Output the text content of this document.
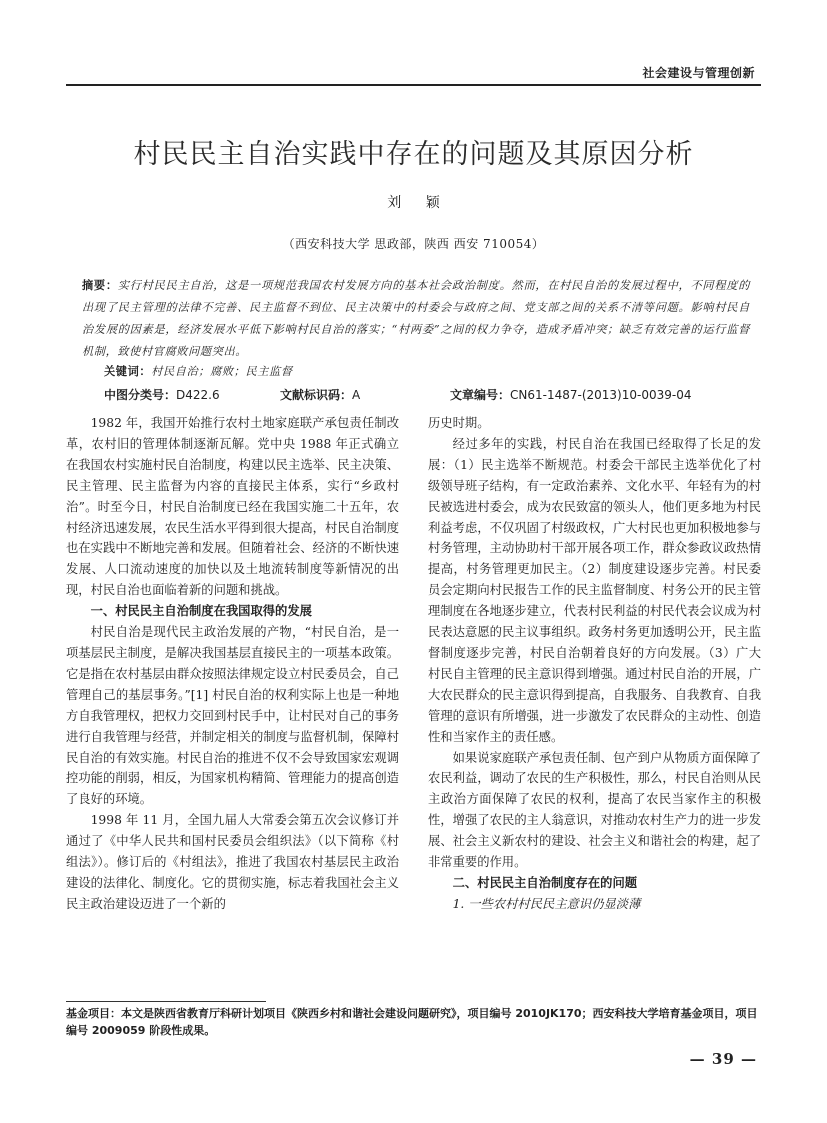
社会建设与管理创新
村民民主自治实践中存在的问题及其原因分析
刘 颖
（西安科技大学 思政部，陕西 西安 710054）
摘要：实行村民民主自治，这是一项规范我国农村发展方向的基本社会政治制度。然而，在村民自治的发展过程中，不同程度的出现了民主管理的法律不完善、民主监督不到位、民主决策中的村委会与政府之间、党支部之间的关系不清等问题。影响村民自治发展的因素是，经济发展水平低下影响村民自治的落实；“村两委”之间的权力争夺，造成矛盾冲突；缺乏有效完善的运行监督机制，致使村官腐败问题突出。
关键词：村民自治；腐败；民主监督
中图分类号：D422.6	文献标识码：A	文章编号：CN61-1487-(2013)10-0039-04

1982 年，我国开始推行农村土地家庭联产承包责任制改革，农村旧的管理体制逐渐瓦解。党中央 1988 年正式确立在我国农村实施村民自治制度，构建以民主选举、民主决策、民主管理、民主监督为内容的直接民主体系，实行“乡政村治”。时至今日，村民自治制度已经在我国实施二十五年，农村经济迅速发展，农民生活水平得到很大提高，村民自治制度也在实践中不断地完善和发展。但随着社会、经济的不断快速发展、人口流动速度的加快以及土地流转制度等新情况的出现，村民自治也面临着新的问题和挑战。

一、村民民主自治制度在我国取得的发展

村民自治是现代民主政治发展的产物，“村民自治，是一项基层民主制度，是解决我国基层直接民主的一项基本政策。它是指在农村基层由群众按照法律规定设立村民委员会，自己管理自己的基层事务。”[1] 村民自治的权利实际上也是一种地方自我管理权，把权力交回到村民手中，让村民对自己的事务进行自我管理与经营，并制定相关的制度与监督机制，保障村民自治的有效实施。村民自治的推进不仅不会导致国家宏观调控功能的削弱，相反，为国家机构精简、管理能力的提高创造了良好的环境。

1998 年 11 月，全国九届人大常委会第五次会议修订并通过了《中华人民共和国村民委员会组织法》（以下简称《村组法》）。修订后的《村组法》，推进了我国农村基层民主政治建设的法律化、制度化。它的贯彻实施，标志着我国社会主义民主政治建设迈进了一个新的

历史时期。

经过多年的实践，村民自治在我国已经取得了长足的发展：（1）民主选举不断规范。村委会干部民主选举优化了村级领导班子结构，有一定政治素养、文化水平、年轻有为的村民被选进村委会，成为农民致富的领头人，他们更多地为村民利益考虑，不仅巩固了村级政权，广大村民也更加积极地参与村务管理，主动协助村干部开展各项工作，群众参政议政热情提高，村务管理更加民主。（2）制度建设逐步完善。村民委员会定期向村民报告工作的民主监督制度、村务公开的民主管理制度在各地逐步建立，代表村民利益的村民代表会议成为村民表达意愿的民主议事组织。政务村务更加透明公开，民主监督制度逐步完善，村民自治朝着良好的方向发展。（3）广大村民自主管理的民主意识得到增强。通过村民自治的开展，广大农民群众的民主意识得到提高，自我服务、自我教育、自我管理的意识有所增强，进一步激发了农民群众的主动性、创造性和当家作主的责任感。

如果说家庭联产承包责任制、包产到户从物质方面保障了农民利益，调动了农民的生产积极性，那么，村民自治则从民主政治方面保障了农民的权利，提高了农民当家作主的积极性，增强了农民的主人翁意识，对推动农村生产力的进一步发展、社会主义新农村的建设、社会主义和谐社会的构建，起了非常重要的作用。

二、村民民主自治制度存在的问题

1. 一些农村村民民主意识仍显淡薄

基金项目：本文是陕西省教育厅科研计划项目《陕西乡村和谐社会建设问题研究》，项目编号 2010JK170；西安科技大学培育基金项目，项目编号 2009059 阶段性成果。
— 39 —
